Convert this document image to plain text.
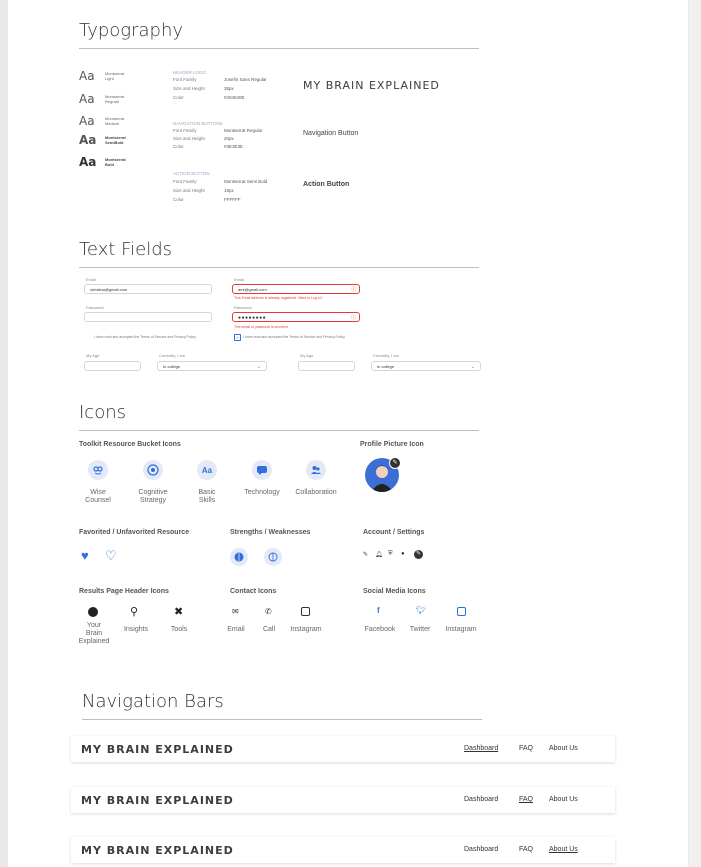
Typography
Aa	Montserrat
Light
Aa	Montserrat
Regular
Aa	Montserrat
Medium
Aa Montserrat
SemiBold
Aa Montserrat
Bold
HEADER LOGO
Font Family	Josefin Sans Regular
Size and Height	35px
Color	#404040E
MY BRAIN EXPLAINED
NAVIGATION BUTTONS
Font Family	Montserrat Regular
Size and Height	20px
Color	#3E3E3E
Navigation Button
ACTION BUTTON
Font Family	Montserrat Semi Bold
Size and Height	18px
Color	FFFFFF
Action Button
Text Fields
Email
christina@gmail.com
Password
I have read and accepted the Terms of Service and Privacy Policy
My Age	Currently, I am
In college	⌄
Email
ami@gmail.com	ⓘ
This Email address is already registered. Want to Log in?
Password
●●●●●●●●	ⓘ
This email or password is incorrect.
✓	I have read and accepted the Terms of Service and Privacy Policy
My Age	Currently, I am
In college	⌄
Icons
Toolkit Resource Bucket Icons
Wise
Counsel
Cognitive
Strategy
Aa
Basic
Skills
Technology	Collaboration
Profile Picture Icon
✎
Favorited / Unfavorited Resource
♥ ♡
Strengths / Weaknesses	Account / Settings
✎ 🔔︎ ⛨ ●	✎
Results Page Header Icons
Your
Brain
Explained
⚲
Insights
✖
Tools
Contact Icons
✉
Email
✆
Call	Instagram
Social Media Icons
f
Facebook
🐦︎
Twitter	Instagram
Navigation Bars
MY BRAIN EXPLAINED	Dashboard	FAQ About Us
MY BRAIN EXPLAINED	Dashboard	FAQ About Us
MY BRAIN EXPLAINED	Dashboard	FAQ About Us
